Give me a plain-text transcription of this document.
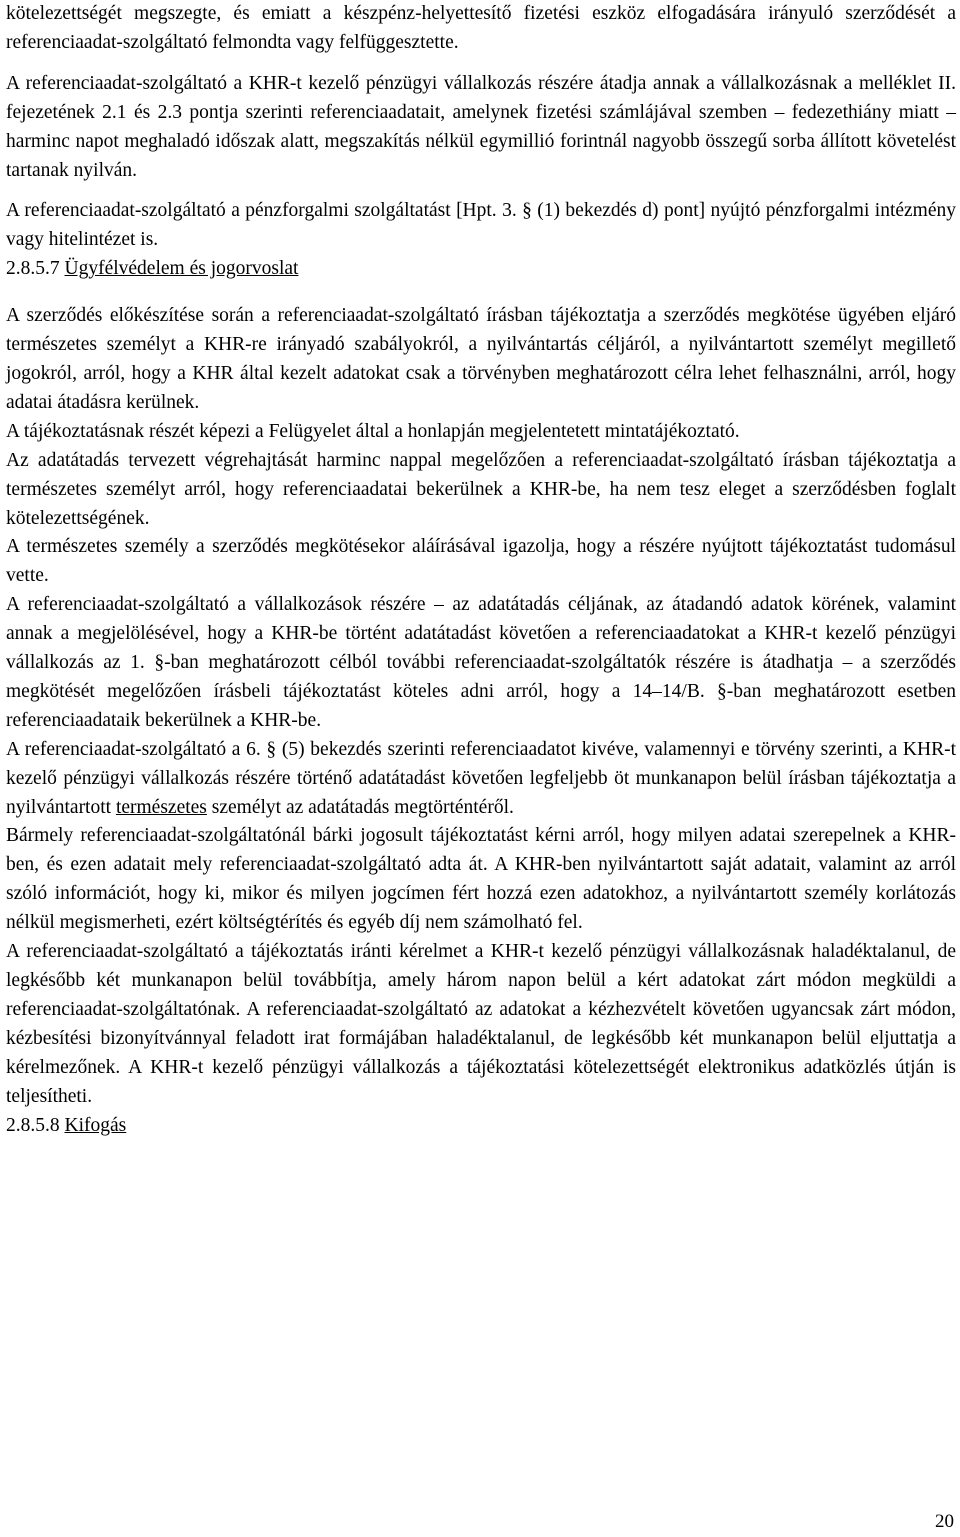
kötelezettségét megszegte, és emiatt a készpénz-helyettesítő fizetési eszköz elfogadására irányuló szerződését a referenciaadat-szolgáltató felmondta vagy felfüggesztette.

A referenciaadat-szolgáltató a KHR-t kezelő pénzügyi vállalkozás részére átadja annak a vállalkozásnak a melléklet II. fejezetének 2.1 és 2.3 pontja szerinti referenciaadatait, amelynek fizetési számlájával szemben – fedezethiány miatt – harminc napot meghaladó időszak alatt, megszakítás nélkül egymillió forintnál nagyobb összegű sorba állított követelést tartanak nyilván.

A referenciaadat-szolgáltató a pénzforgalmi szolgáltatást [Hpt. 3. § (1) bekezdés d) pont] nyújtó pénzforgalmi intézmény vagy hitelintézet is.

2.8.5.7 Ügyfélvédelem és jogorvoslat

A szerződés előkészítése során a referenciaadat-szolgáltató írásban tájékoztatja a szerződés megkötése ügyében eljáró természetes személyt a KHR-re irányadó szabályokról, a nyilvántartás céljáról, a nyilvántartott személyt megillető jogokról, arról, hogy a KHR által kezelt adatokat csak a törvényben meghatározott célra lehet felhasználni, arról, hogy adatai átadásra kerülnek.

A tájékoztatásnak részét képezi a Felügyelet által a honlapján megjelentetett mintatájékoztató.

Az adatátadás tervezett végrehajtását harminc nappal megelőzően a referenciaadat-szolgáltató írásban tájékoztatja a természetes személyt arról, hogy referenciaadatai bekerülnek a KHR-be, ha nem tesz eleget a szerződésben foglalt kötelezettségének.

A természetes személy a szerződés megkötésekor aláírásával igazolja, hogy a részére nyújtott tájékoztatást tudomásul vette.

A referenciaadat-szolgáltató a vállalkozások részére – az adatátadás céljának, az átadandó adatok körének, valamint annak a megjelölésével, hogy a KHR-be történt adatátadást követően a referenciaadatokat a KHR-t kezelő pénzügyi vállalkozás az 1. §-ban meghatározott célból további referenciaadat-szolgáltatók részére is átadhatja – a szerződés megkötését megelőzően írásbeli tájékoztatást köteles adni arról, hogy a 14–14/B. §-ban meghatározott esetben referenciaadataik bekerülnek a KHR-be.

A referenciaadat-szolgáltató a 6. § (5) bekezdés szerinti referenciaadatot kivéve, valamennyi e törvény szerinti, a KHR-t kezelő pénzügyi vállalkozás részére történő adatátadást követően legfeljebb öt munkanapon belül írásban tájékoztatja a nyilvántartott természetes személyt az adatátadás megtörténtéről.

Bármely referenciaadat-szolgáltatónál bárki jogosult tájékoztatást kérni arról, hogy milyen adatai szerepelnek a KHR-ben, és ezen adatait mely referenciaadat-szolgáltató adta át. A KHR-ben nyilvántartott saját adatait, valamint az arról szóló információt, hogy ki, mikor és milyen jogcímen fért hozzá ezen adatokhoz, a nyilvántartott személy korlátozás nélkül megismerheti, ezért költségtérítés és egyéb díj nem számolható fel.

A referenciaadat-szolgáltató a tájékoztatás iránti kérelmet a KHR-t kezelő pénzügyi vállalkozásnak haladéktalanul, de legkésőbb két munkanapon belül továbbítja, amely három napon belül a kért adatokat zárt módon megküldi a referenciaadat-szolgáltatónak. A referenciaadat-szolgáltató az adatokat a kézhezvételt követően ugyancsak zárt módon, kézbesítési bizonyítvánnyal feladott irat formájában haladéktalanul, de legkésőbb két munkanapon belül eljuttatja a kérelmezőnek. A KHR-t kezelő pénzügyi vállalkozás a tájékoztatási kötelezettségét elektronikus adatközlés útján is teljesítheti.

2.8.5.8 Kifogás

20
